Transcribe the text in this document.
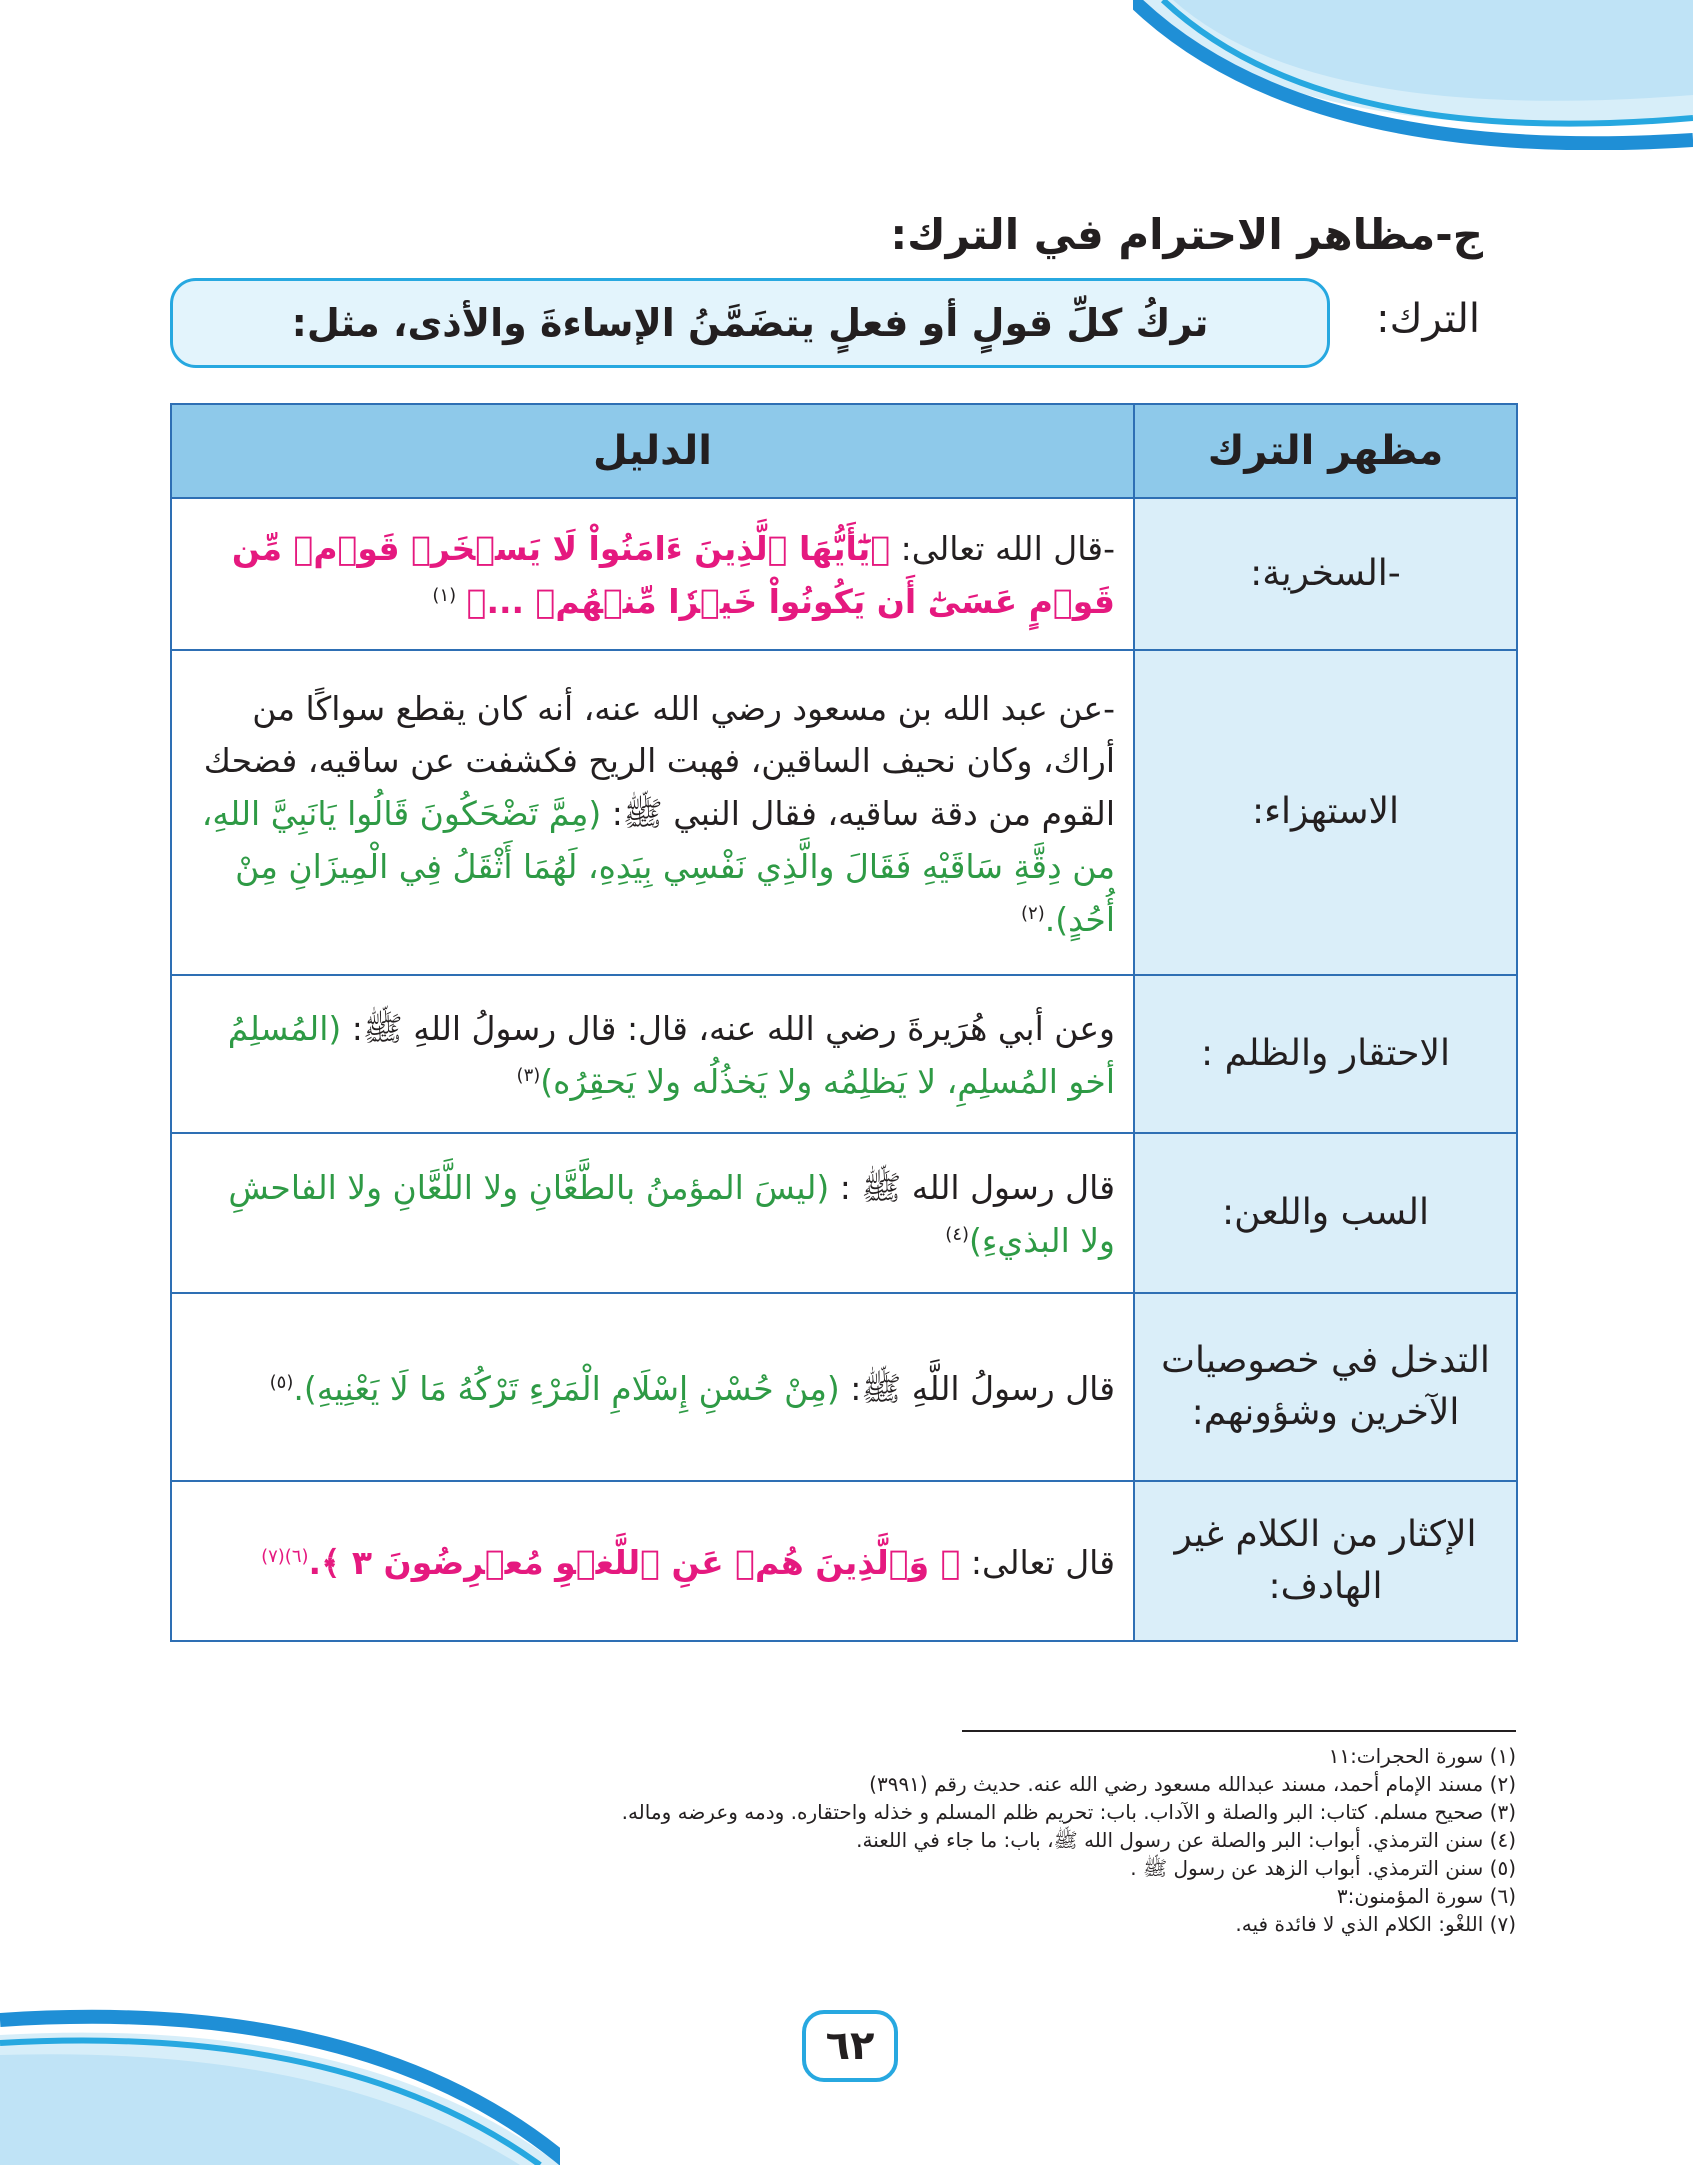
ج-مظاهر الاحترام في الترك:
الترك:
تركُ كلِّ قولٍ أو فعلٍ يتضَمَّنُ الإساءةَ والأذى، مثل:
مظهر الترك	الدليل
-السخرية:	-قال الله تعالى: ﴿يَٰٓأَيُّهَا ٱلَّذِينَ ءَامَنُواْ لَا يَسۡخَرۡ قَوۡمٞ مِّن قَوۡمٍ عَسَىٰٓ أَن يَكُونُواْ خَيۡرٗا مِّنۡهُمۡ ...﴾ $^{(١)}$
الاستهزاء:	-عن عبد الله بن مسعود رضي الله عنه، أنه كان يقطع سواكًا من أراك، وكان نحيف الساقين، فهبت الريح فكشفت عن ساقيه، فضحك القوم من دقة ساقيه، فقال النبي ﷺ: (مِمَّ تَضْحَكُونَ قَالُوا يَانَبِيَّ اللهِ، من دِقَّةِ سَاقَيْهِ فَقَالَ والَّذِي نَفْسِي بِيَدِهِ، لَهُمَا أَثْقَلُ فِي الْمِيزَانِ مِنْ أُحُدٍ).$^{(٢)}$
الاحتقار والظلم :	وعن أبي هُرَيرةَ رضي الله عنه، قال: قال رسولُ اللهِ ﷺ: (المُسلِمُ أخو المُسلِمِ، لا يَظلِمُه ولا يَخذُلُه ولا يَحقِرُه)$^{(٣)}$
السب واللعن:	قال رسول الله ﷺ : (ليسَ المؤمنُ بالطَّعَّانِ ولا اللَّعَّانِ ولا الفاحشِ ولا البذيءِ)$^{(٤)}$
التدخل في خصوصيات الآخرين وشؤونهم:	قال رسولُ اللَّهِ ﷺ: (مِنْ حُسْنِ إِسْلَامِ الْمَرْءِ تَرْكُهُ مَا لَا يَعْنِيهِ).$^{(٥)}$
الإكثار من الكلام غير الهادف:	قال تعالى: ﴿ وَٱلَّذِينَ هُمۡ عَنِ ٱللَّغۡوِ مُعۡرِضُونَ ٣ ﴾.$^{(٦)(٧)}$
(١) سورة الحجرات:١١
(٢) مسند الإمام أحمد، مسند عبدالله مسعود رضي الله عنه. حديث رقم (٣٩٩١)
(٣) صحيح مسلم. كتاب: البر والصلة و الآداب. باب: تحريم ظلم المسلم و خذله واحتقاره. ودمه وعرضه وماله.
(٤) سنن الترمذي. أبواب: البر والصلة عن رسول الله ﷺ، باب: ما جاء في اللعنة.
(٥) سنن الترمذي. أبواب الزهد عن رسول ﷺ .
(٦) سورة المؤمنون:٣
(٧) اللغْو: الكلام الذي لا فائدة فيه.
٦٢
